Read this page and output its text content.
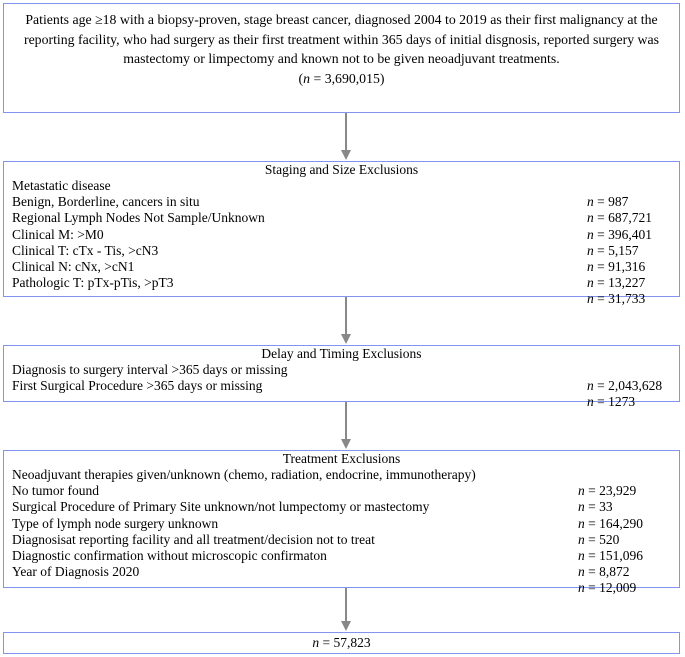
Patients age ≥18 with a biopsy-proven, stage breast cancer, diagnosed 2004 to 2019 as their first malignancy at the reporting facility, who had surgery as their first treatment within 365 days of initial disgnosis, reported surgery was mastectomy or limpectomy and known not to be given neoadjuvant treatments.

(n = 3,690,015)

Staging and Size Exclusions

Metastatic disease
n = 987
Benign, Borderline, cancers in situ
n = 687,721
Regional Lymph Nodes Not Sample/Unknown
n = 396,401
Clinical M: >M0
n = 5,157
Clinical T: cTx - Tis, >cN3
n = 91,316
Clinical N: cNx, >cN1
n = 13,227
Pathologic T: pTx-pTis, >pT3
n = 31,733

Delay and Timing Exclusions

Diagnosis to surgery interval >365 days or missing
n = 2,043,628
First Surgical Procedure >365 days or missing
n = 1273

Treatment Exclusions

Neoadjuvant therapies given/unknown (chemo, radiation, endocrine, immunotherapy)
n = 23,929
No tumor found
n = 33
Surgical Procedure of Primary Site unknown/not lumpectomy or mastectomy
n = 164,290
Type of lymph node surgery unknown
n = 520
Diagnosisat reporting facility and all treatment/decision not to treat
n = 151,096
Diagnostic confirmation without microscopic confirmaton
n = 8,872
Year of Diagnosis 2020
n = 12,009

n = 57,823
